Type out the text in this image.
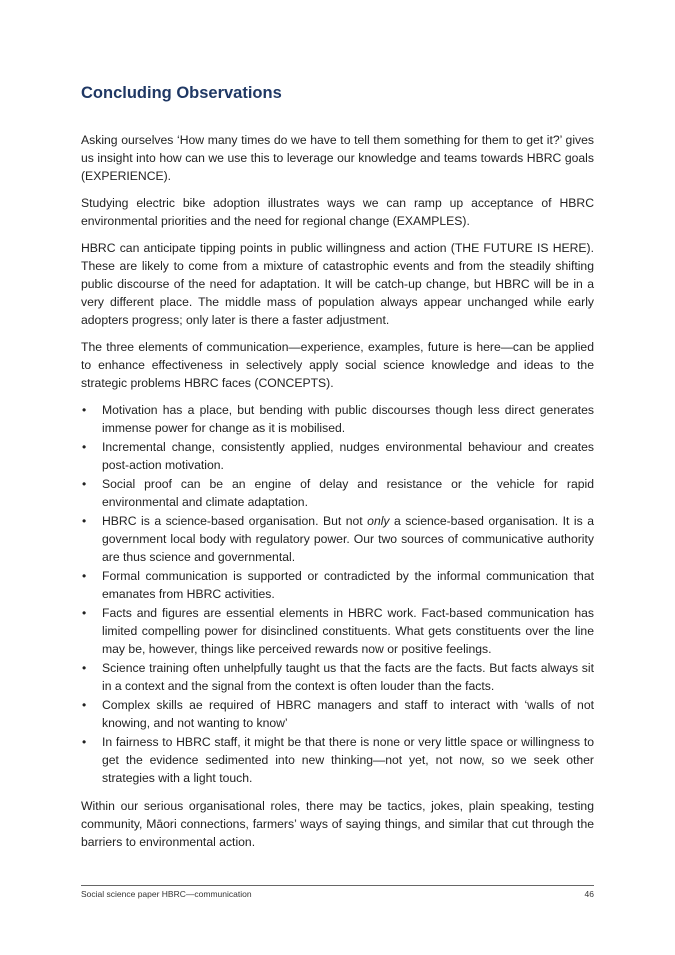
Concluding Observations

Asking ourselves ‘How many times do we have to tell them something for them to get it?’ gives us insight into how can we use this to leverage our knowledge and teams towards HBRC goals (EXPERIENCE).

Studying electric bike adoption illustrates ways we can ramp up acceptance of HBRC environmental priorities and the need for regional change (EXAMPLES).

HBRC can anticipate tipping points in public willingness and action (THE FUTURE IS HERE). These are likely to come from a mixture of catastrophic events and from the steadily shifting public discourse of the need for adaptation. It will be catch-up change, but HBRC will be in a very different place. The middle mass of population always appear unchanged while early adopters progress; only later is there a faster adjustment.

The three elements of communication—experience, examples, future is here—can be applied to enhance effectiveness in selectively apply social science knowledge and ideas to the strategic problems HBRC faces (CONCEPTS).

• Motivation has a place, but bending with public discourses though less direct generates immense power for change as it is mobilised.
• Incremental change, consistently applied, nudges environmental behaviour and creates post-action motivation.
• Social proof can be an engine of delay and resistance or the vehicle for rapid environmental and climate adaptation.
• HBRC is a science-based organisation. But not only a science-based organisation. It is a government local body with regulatory power. Our two sources of communicative authority are thus science and governmental.
• Formal communication is supported or contradicted by the informal communication that emanates from HBRC activities.
• Facts and figures are essential elements in HBRC work. Fact-based communication has limited compelling power for disinclined constituents. What gets constituents over the line may be, however, things like perceived rewards now or positive feelings.
• Science training often unhelpfully taught us that the facts are the facts. But facts always sit in a context and the signal from the context is often louder than the facts.
• Complex skills ae required of HBRC managers and staff to interact with ‘walls of not knowing, and not wanting to know’
• In fairness to HBRC staff, it might be that there is none or very little space or willingness to get the evidence sedimented into new thinking—not yet, not now, so we seek other strategies with a light touch.

Within our serious organisational roles, there may be tactics, jokes, plain speaking, testing community, Māori connections, farmers’ ways of saying things, and similar that cut through the barriers to environmental action.

Social science paper HBRC—communication	46
